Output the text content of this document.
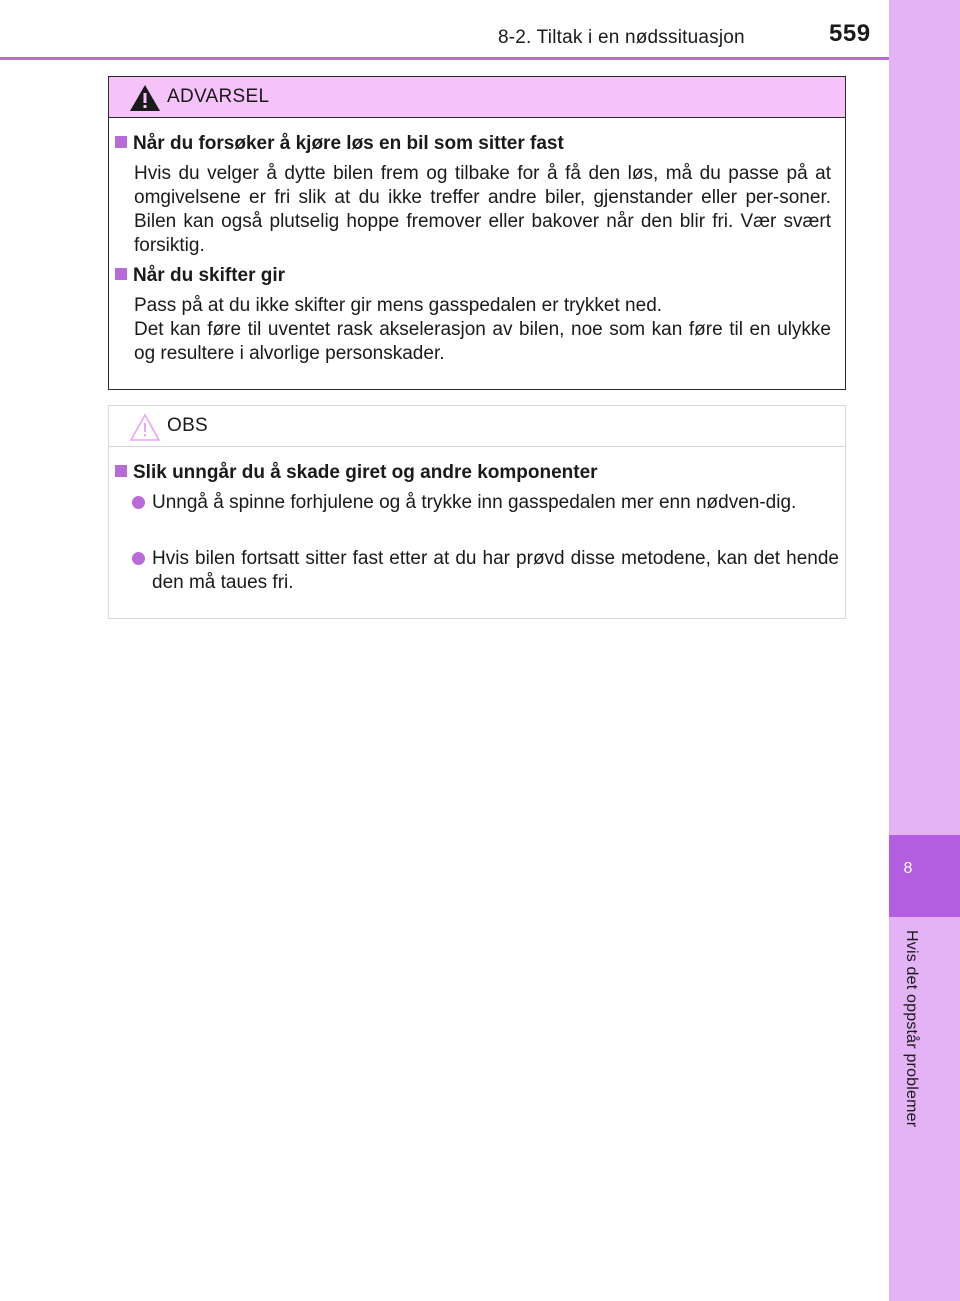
8-2. Tiltak i en nødssituasjon	559
8
Hvis det oppstår problemer
ADVARSEL
Når du forsøker å kjøre løs en bil som sitter fast
Hvis du velger å dytte bilen frem og tilbake for å få den løs, må du passe på at omgivelsene er fri slik at du ikke treffer andre biler, gjenstander eller per-soner. Bilen kan også plutselig hoppe fremover eller bakover når den blir fri. Vær svært forsiktig.
Når du skifter gir
Pass på at du ikke skifter gir mens gasspedalen er trykket ned.
Det kan føre til uventet rask akselerasjon av bilen, noe som kan føre til en ulykke og resultere i alvorlige personskader.
OBS
Slik unngår du å skade giret og andre komponenter
Unngå å spinne forhjulene og å trykke inn gasspedalen mer enn nødven-dig.
Hvis bilen fortsatt sitter fast etter at du har prøvd disse metodene, kan det hende den må taues fri.
